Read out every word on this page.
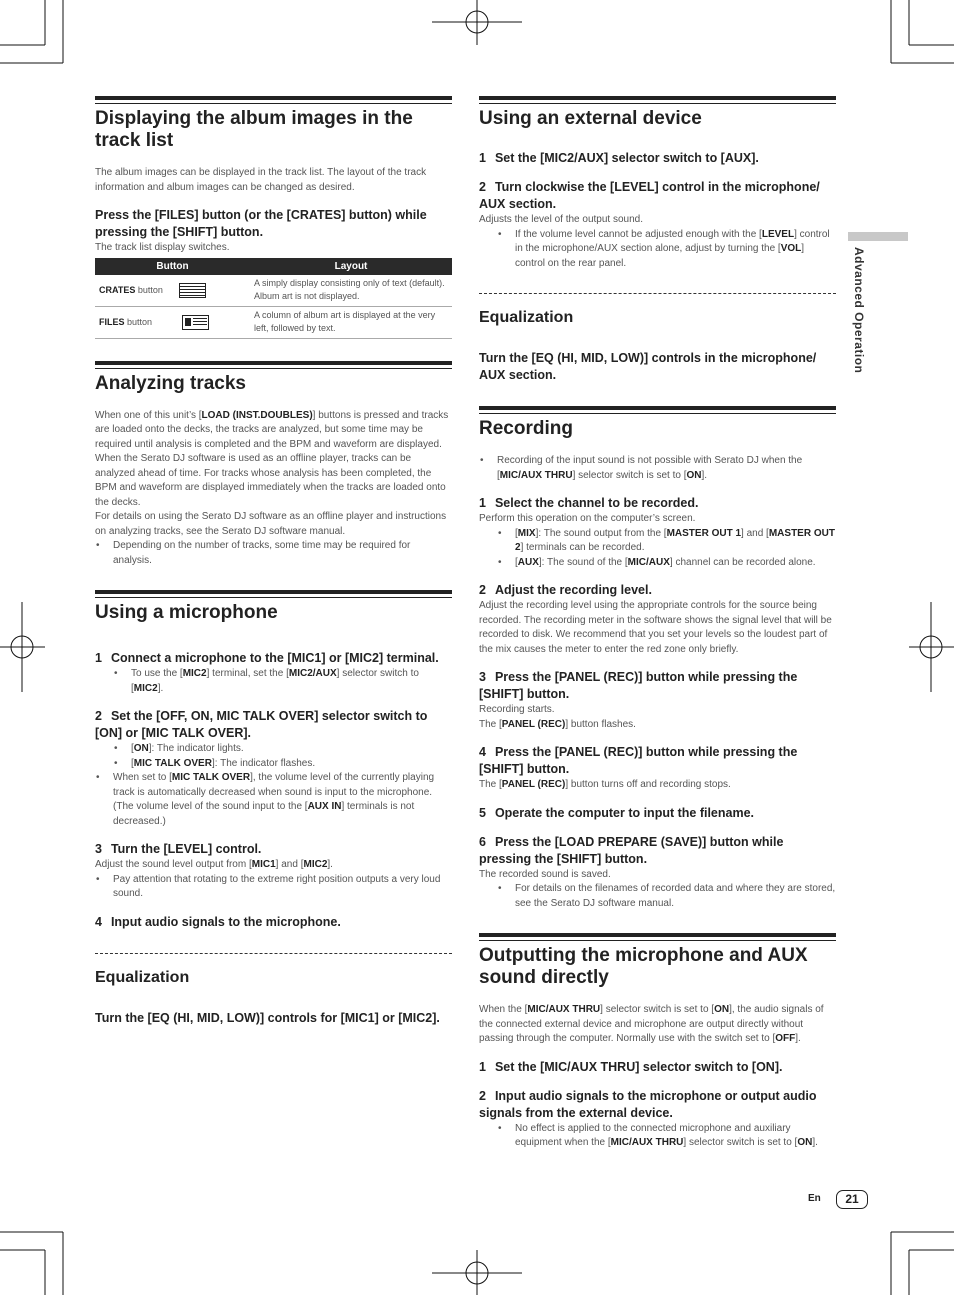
Displaying the album images in the track list

The album images can be displayed in the track list. The layout of the track information and album images can be changed as desired.

Press the [FILES] button (or the [CRATES] button) while pressing the [SHIFT] button.

The track list display switches.

Button	Layout
CRATES button	A simply display consisting only of text (default). Album art is not displayed.
FILES button	A column of album art is displayed at the very left, followed by text.
Analyzing tracks

When one of this unit’s [LOAD (INST.DOUBLES)] buttons is pressed and tracks are loaded onto the decks, the tracks are analyzed, but some time may be required until analysis is completed and the BPM and waveform are displayed.

When the Serato DJ software is used as an offline player, tracks can be analyzed ahead of time. For tracks whose analysis has been completed, the BPM and waveform are displayed immediately when the tracks are loaded onto the decks.

For details on using the Serato DJ software as an offline player and instructions on analyzing tracks, see the Serato DJ software manual.

• Depending on the number of tracks, some time may be required for analysis.

Using a microphone

1 Connect a microphone to the [MIC1] or [MIC2] terminal.

• To use the [MIC2] terminal, set the [MIC2/AUX] selector switch to [MIC2].

2 Set the [OFF, ON, MIC TALK OVER] selector switch to [ON] or [MIC TALK OVER].

• [ON]: The indicator lights.

• [MIC TALK OVER]: The indicator flashes.

• When set to [MIC TALK OVER], the volume level of the currently playing track is automatically decreased when sound is input to the microphone. (The volume level of the sound input to the [AUX IN] terminals is not decreased.)

3 Turn the [LEVEL] control.

Adjust the sound level output from [MIC1] and [MIC2].

• Pay attention that rotating to the extreme right position outputs a very loud sound.

4 Input audio signals to the microphone.

Equalization

Turn the [EQ (HI, MID, LOW)] controls for [MIC1] or [MIC2].

Using an external device

1 Set the [MIC2/AUX] selector switch to [AUX].

2 Turn clockwise the [LEVEL] control in the microphone/ AUX section.

Adjusts the level of the output sound.

• If the volume level cannot be adjusted enough with the [LEVEL] control in the microphone/AUX section alone, adjust by turning the [VOL] control on the rear panel.

Equalization

Turn the [EQ (HI, MID, LOW)] controls in the microphone/ AUX section.

Recording

• Recording of the input sound is not possible with Serato DJ when the [MIC/AUX THRU] selector switch is set to [ON].

1 Select the channel to be recorded.

Perform this operation on the computer’s screen.

• [MIX]: The sound output from the [MASTER OUT 1] and [MASTER OUT 2] terminals can be recorded.

• [AUX]: The sound of the [MIC/AUX] channel can be recorded alone.

2 Adjust the recording level.

Adjust the recording level using the appropriate controls for the source being recorded. The recording meter in the software shows the signal level that will be recorded to disk. We recommend that you set your levels so the loudest part of the mix causes the meter to enter the red zone only briefly.

3 Press the [PANEL (REC)] button while pressing the [SHIFT] button.

Recording starts.

The [PANEL (REC)] button flashes.

4 Press the [PANEL (REC)] button while pressing the [SHIFT] button.

The [PANEL (REC)] button turns off and recording stops.

5 Operate the computer to input the filename.

6 Press the [LOAD PREPARE (SAVE)] button while pressing the [SHIFT] button.

The recorded sound is saved.

• For details on the filenames of recorded data and where they are stored, see the Serato DJ software manual.

Outputting the microphone and AUX sound directly

When the [MIC/AUX THRU] selector switch is set to [ON], the audio signals of the connected external device and microphone are output directly without passing through the computer. Normally use with the switch set to [OFF].

1 Set the [MIC/AUX THRU] selector switch to [ON].

2 Input audio signals to the microphone or output audio signals from the external device.

• No effect is applied to the connected microphone and auxiliary equipment when the [MIC/AUX THRU] selector switch is set to [ON].

Advanced Operation
En	21
